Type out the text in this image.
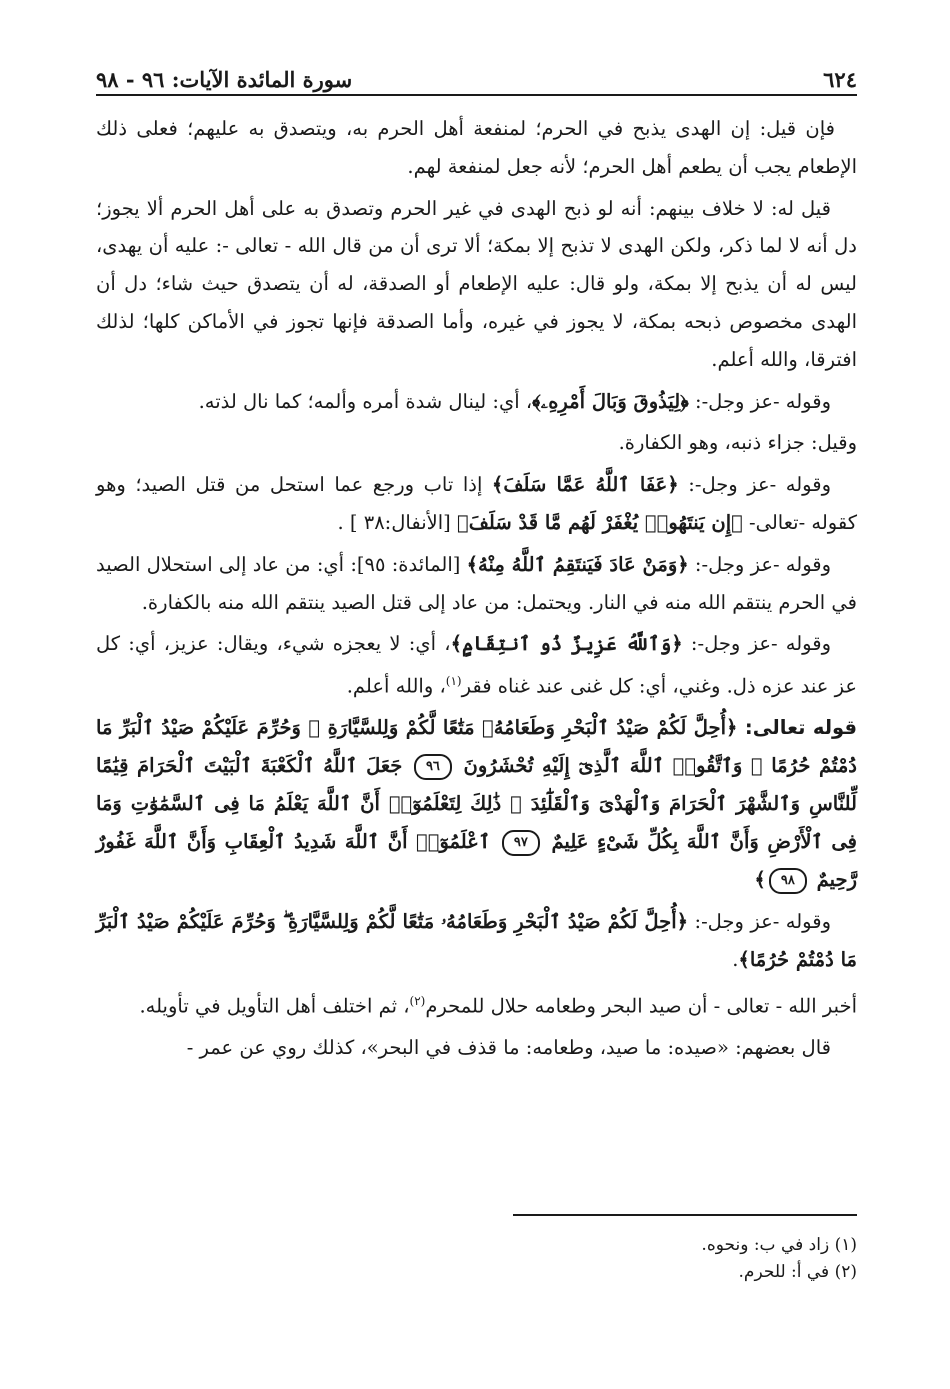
٦٢٤
سورة المائدة الآيات: ٩٦ - ٩٨

فإن قيل: إن الهدى يذبح في الحرم؛ لمنفعة أهل الحرم به، ويتصدق به عليهم؛ فعلى ذلك الإطعام يجب أن يطعم أهل الحرم؛ لأنه جعل لمنفعة لهم.

قيل له: لا خلاف بينهم: أنه لو ذبح الهدى في غير الحرم وتصدق به على أهل الحرم ألا يجوز؛ دل أنه لا لما ذكر، ولكن الهدى لا تذبح إلا بمكة؛ ألا ترى أن من قال الله - تعالى -: عليه أن يهدى، ليس له أن يذبح إلا بمكة، ولو قال: عليه الإطعام أو الصدقة، له أن يتصدق حيث شاء؛ دل أن الهدى مخصوص ذبحه بمكة، لا يجوز في غيره، وأما الصدقة فإنها تجوز في الأماكن كلها؛ لذلك افترقا، والله أعلم.

وقوله -عز وجل-: ﴿لِيَذُوقَ وَبَالَ أَمْرِهِۦ﴾، أي: لينال شدة أمره وألمه؛ كما نال لذته.

وقيل: جزاء ذنبه، وهو الكفارة.

وقوله -عز وجل-: ﴿عَفَا ٱللَّهُ عَمَّا سَلَفَ﴾ إذا تاب ورجع عما استحل من قتل الصيد؛ وهو كقوله -تعالى- ﴿إِن يَنتَهُوا۟ يُغْفَرْ لَهُم مَّا قَدْ سَلَفَ﴾ [الأنفال:٣٨ ] .

وقوله -عز وجل-: ﴿وَمَنْ عَادَ فَيَنتَقِمُ ٱللَّهُ مِنْهُ﴾ [المائدة: ٩٥]: أي: من عاد إلى استحلال الصيد في الحرم ينتقم الله منه في النار. ويحتمل: من عاد إلى قتل الصيد ينتقم الله منه بالكفارة.

وقوله -عز وجل-: ﴿وَٱللَّهُ عَزِيزٌ ذُو ٱنتِقَامٍ﴾، أي: لا يعجزه شيء، ويقال: عزيز، أي: كل عز عند عزه ذل. وغني، أي: كل غنى عند غناه فقر$^{(١)}$، والله أعلم.

قوله تعالى: ﴿أُحِلَّ لَكُمْ صَيْدُ ٱلْبَحْرِ وَطَعَامُهُۥ مَتَٰعًا لَّكُمْ وَلِلسَّيَّارَةِ ۖ وَحُرِّمَ عَلَيْكُمْ صَيْدُ ٱلْبَرِّ مَا دُمْتُمْ حُرُمًا ۗ وَٱتَّقُوا۟ ٱللَّهَ ٱلَّذِىٓ إِلَيْهِ تُحْشَرُونَ ٩٦ جَعَلَ ٱللَّهُ ٱلْكَعْبَةَ ٱلْبَيْتَ ٱلْحَرَامَ قِيَٰمًا لِّلنَّاسِ وَٱلشَّهْرَ ٱلْحَرَامَ وَٱلْهَدْىَ وَٱلْقَلَٰٓئِدَ ۚ ذَٰلِكَ لِتَعْلَمُوٓا۟ أَنَّ ٱللَّهَ يَعْلَمُ مَا فِى ٱلسَّمَٰوَٰتِ وَمَا فِى ٱلْأَرْضِ وَأَنَّ ٱللَّهَ بِكُلِّ شَىْءٍ عَلِيمٌ ٩٧ ٱعْلَمُوٓا۟ أَنَّ ٱللَّهَ شَدِيدُ ٱلْعِقَابِ وَأَنَّ ٱللَّهَ غَفُورٌ رَّحِيمٌ ٩٨﴾

وقوله -عز وجل-: ﴿أُحِلَّ لَكُمْ صَيْدُ ٱلْبَحْرِ وَطَعَامُهُۥ مَتَٰعًا لَّكُمْ وَلِلسَّيَّارَةِ ۖ وَحُرِّمَ عَلَيْكُمْ صَيْدُ ٱلْبَرِّ مَا دُمْتُمْ حُرُمًا﴾.

أخبر الله - تعالى - أن صيد البحر وطعامه حلال للمحرم$^{(٢)}$، ثم اختلف أهل التأويل في تأويله.

قال بعضهم: «صيده: ما صيد، وطعامه: ما قذف في البحر»، كذلك روي عن عمر -

(١) زاد في ب: ونحوه.

(٢) في أ: للحرم.
